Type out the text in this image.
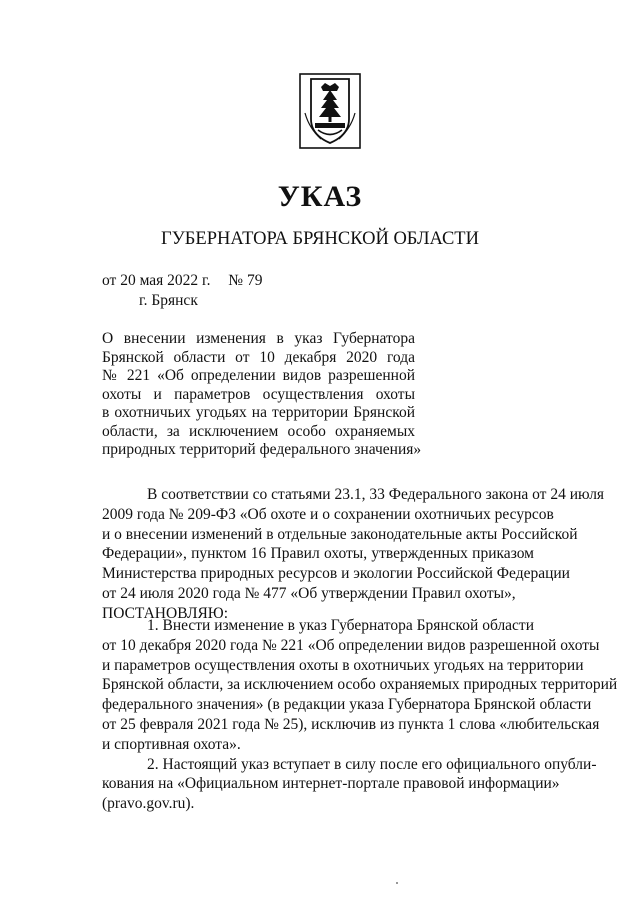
УКАЗ
ГУБЕРНАТОРА БРЯНСКОЙ ОБЛАСТИ
от 20 мая 2022 г. № 79
г. Брянск
О внесении изменения в указ Губернатора
Брянской области от 10 декабря 2020 года
№ 221 «Об определении видов разрешенной
охоты и параметров осуществления охоты
в охотничьих угодьях на территории Брянской
области, за исключением особо охраняемых
природных территорий федерального значения»
В соответствии со статьями 23.1, 33 Федерального закона от 24 июля
2009 года № 209-ФЗ «Об охоте и о сохранении охотничьих ресурсов
и о внесении изменений в отдельные законодательные акты Российской
Федерации», пунктом 16 Правил охоты, утвержденных приказом
Министерства природных ресурсов и экологии Российской Федерации
от 24 июля 2020 года № 477 «Об утверждении Правил охоты»,
ПОСТАНОВЛЯЮ:
1. Внести изменение в указ Губернатора Брянской области
от 10 декабря 2020 года № 221 «Об определении видов разрешенной охоты
и параметров осуществления охоты в охотничьих угодьях на территории
Брянской области, за исключением особо охраняемых природных территорий
федерального значения» (в редакции указа Губернатора Брянской области
от 25 февраля 2021 года № 25), исключив из пункта 1 слова «любительская
и спортивная охота».
2. Настоящий указ вступает в силу после его официального опубли-
кования на «Официальном интернет-портале правовой информации»
(pravo.gov.ru).
